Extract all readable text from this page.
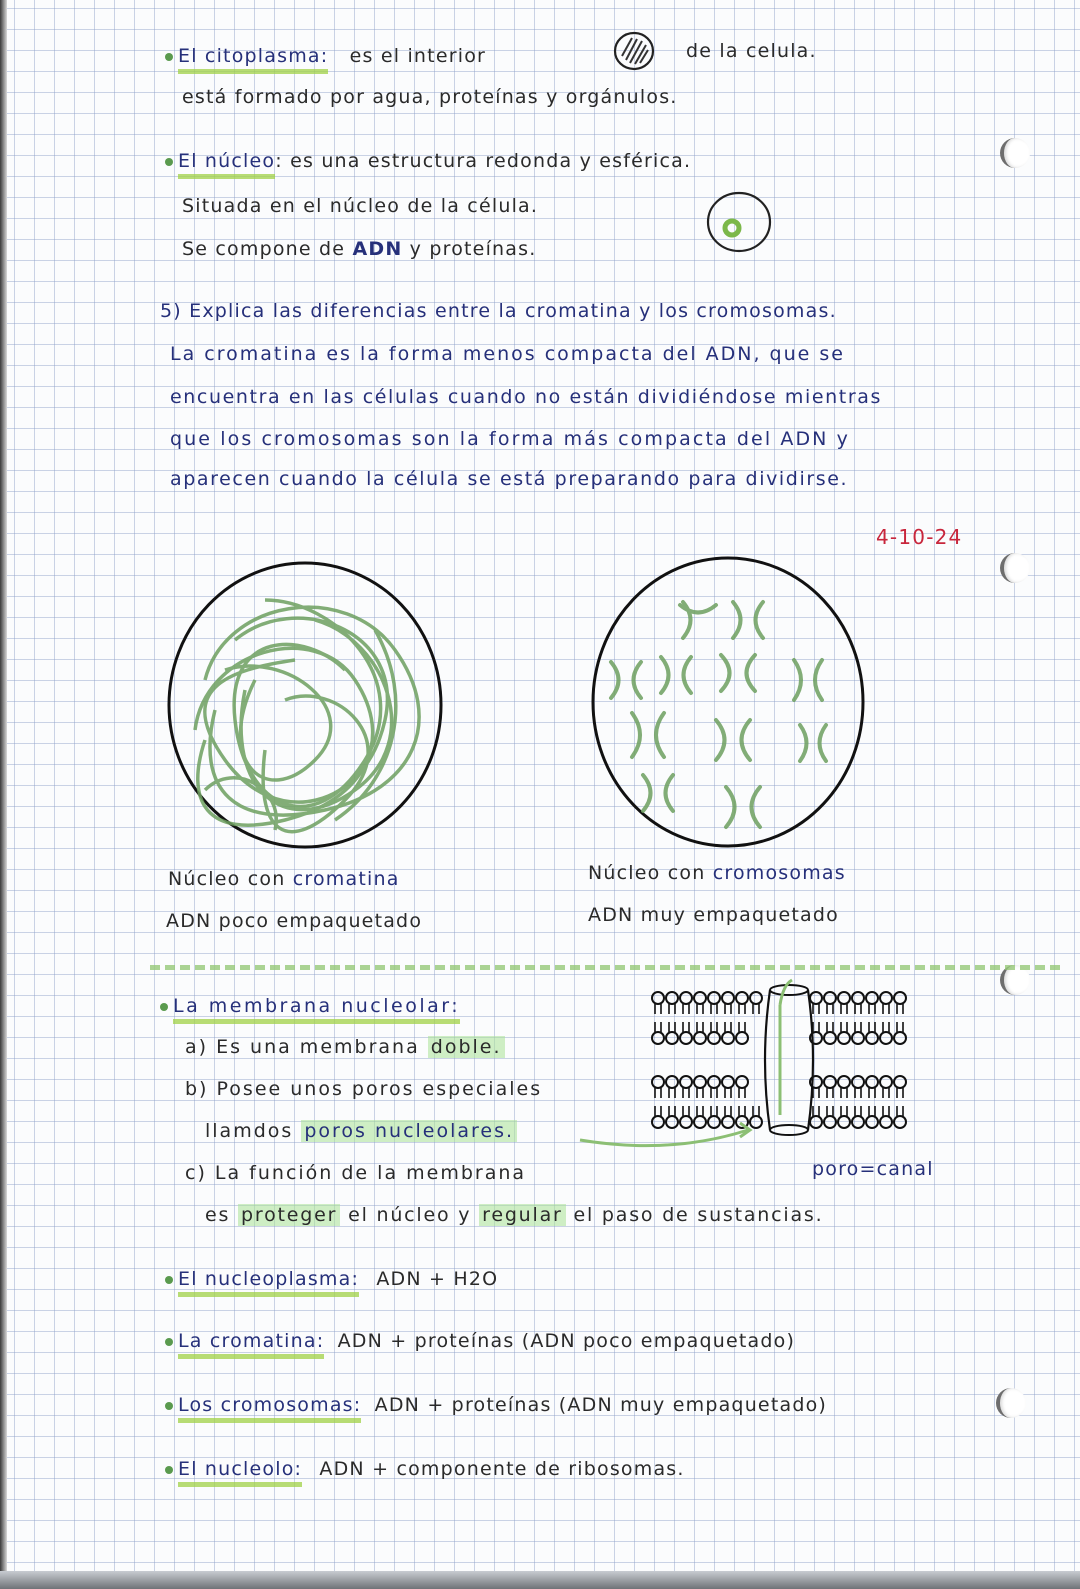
El citoplasma: es el interior	de la celula.
está formado por agua, proteínas y orgánulos.
El núcleo: es una estructura redonda y esférica.
Situada en el núcleo de la célula.
Se compone de ADN y proteínas.
5) Explica las diferencias entre la cromatina y los cromosomas.
La cromatina es la forma menos compacta del ADN, que se
encuentra en las células cuando no están dividiéndose mientras
que los cromosomas son la forma más compacta del ADN y
aparecen cuando la célula se está preparando para dividirse.
4-10-24
Núcleo con cromatina
ADN poco empaquetado
Núcleo con cromosomas
ADN muy empaquetado
La membrana nucleolar:
a) Es una membrana doble.
b) Posee unos poros especiales
llamdos poros nucleolares.
c) La función de la membrana
es proteger el núcleo y regular el paso de sustancias.
poro=canal
El nucleoplasma: ADN + H2O
La cromatina: ADN + proteínas (ADN poco empaquetado)
Los cromosomas: ADN + proteínas (ADN muy empaquetado)
El nucleolo: ADN + componente de ribosomas.
